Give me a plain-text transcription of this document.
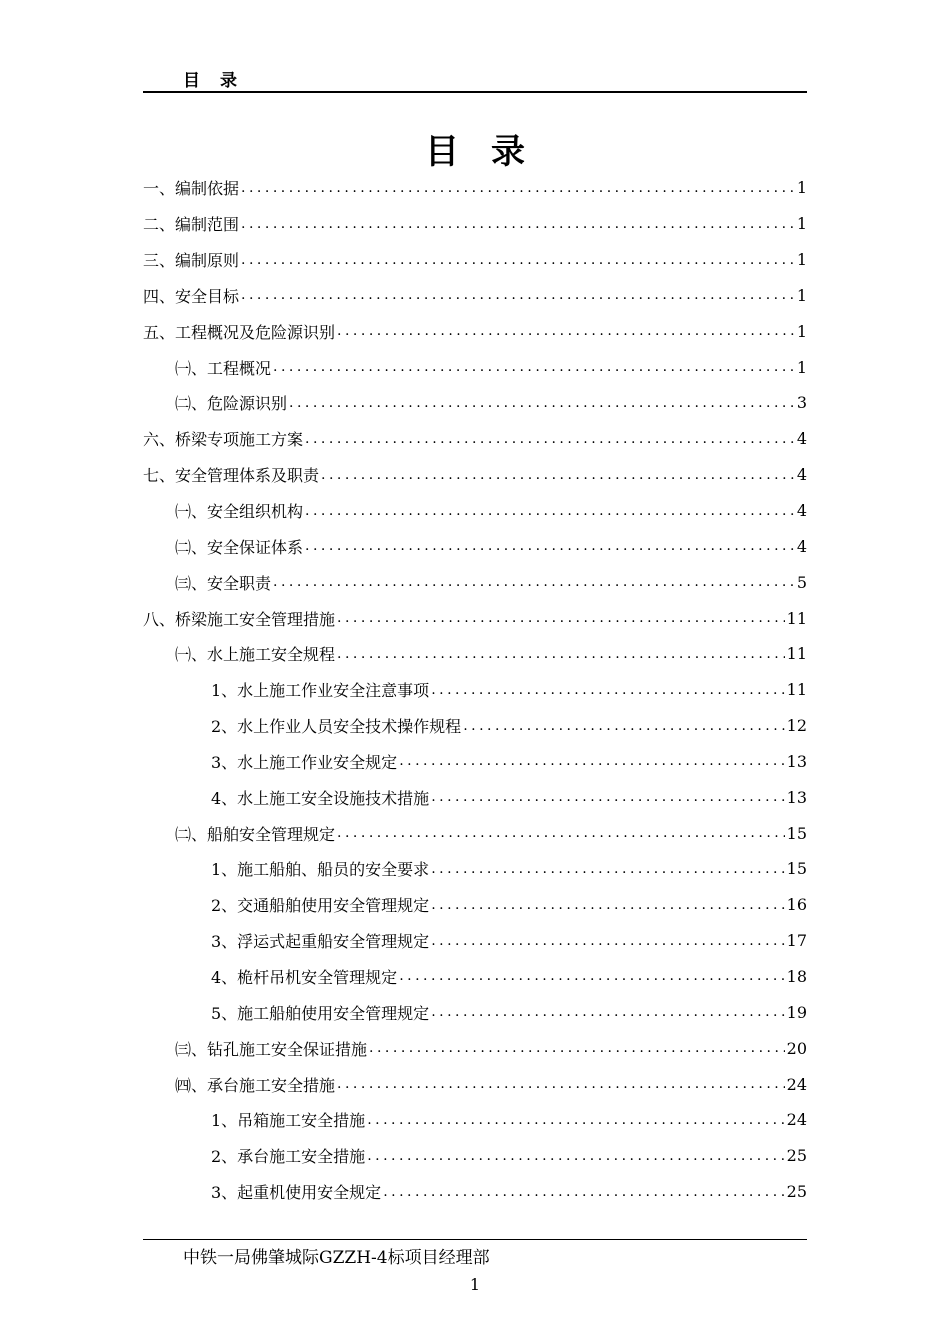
目录
目录
一、编制依据 .....	1
二、编制范围 .....	1
三、编制原则 .....	1
四、安全目标 .....	1
五、工程概况及危险源识别 .....	1
㈠、工程概况 .....	1
㈡、危险源识别 .....	3
六、桥梁专项施工方案 .....	4
七、安全管理体系及职责 .....	4
㈠、安全组织机构 .....	4
㈡、安全保证体系 .....	4
㈢、安全职责 .....	5
八、桥梁施工安全管理措施 .....	11
㈠、水上施工安全规程 .....	11
1、水上施工作业安全注意事项 .....	11
2、水上作业人员安全技术操作规程 .....	12
3、水上施工作业安全规定 .....	13
4、水上施工安全设施技术措施 .....	13
㈡、船舶安全管理规定 .....	15
1、施工船舶、船员的安全要求 .....	15
2、交通船舶使用安全管理规定 .....	16
3、浮运式起重船安全管理规定 .....	17
4、桅杆吊机安全管理规定 .....	18
5、施工船舶使用安全管理规定 .....	19
㈢、钻孔施工安全保证措施 .....	20
㈣、承台施工安全措施 .....	24
1、吊箱施工安全措施 .....	24
2、承台施工安全措施 .....	25
3、起重机使用安全规定 .....	25
中铁一局佛肇城际GZZH-4标项目经理部
1
